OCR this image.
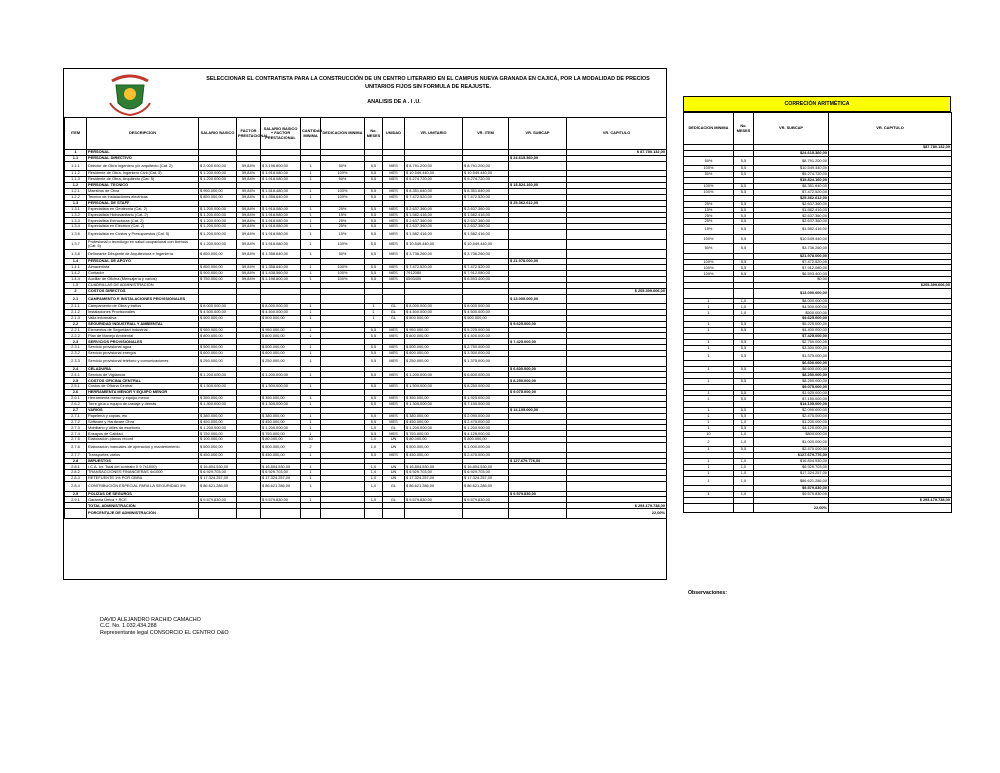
SELECCIONAR EL CONTRATISTA PARA LA CONSTRUCCIÓN DE UN CENTRO LITERARIO EN EL CAMPUS NUEVA GRANADA EN CAJICÁ, POR LA MODALIDAD DE PRECIOS UNITARIOS FIJOS SIN FORMULA DE REAJUSTE.
ANALISIS DE A . I .U.
ITEM	DESCRIPCION	SALARIO BASICO	FACTOR PRESTACIONAL	SALARIO BASICO + FACTOR PRESTACIONAL	CANTIDAD MINIMA	DEDICACION MINIMA	No. MESES	UNIDAD	VR. UNITARIO	VR. ITEM	VR. SUBCAP	VR. CAPITULO
1	PERSONAL											$ 87.780.132,00
1.1	PERSONAL DIRECTIVO										$ 24.615.360,00	
1.1.1	Director de Obra Ingeniero y/o arquitecto (Cat. 2)	$ 2.000.000,00	59,84%	$ 3.196.800,00	1	50%	5,5	MES	$ 8.791.200,00	$ 8.791.200,00		
1.1.2	Residente de Obra, Ingeniero Civil (Cat. 5)	$ 1.200.000,00	59,84%	$ 1.918.080,00	1	100%	5,5	MES	$ 10.549.440,00	$ 10.549.440,00		
1.1.3	Residente de Obra, Arquitecto (Cat. 5)	$ 1.200.000,00	59,84%	$ 1.918.080,00	1	50%	5,5	MES	$ 5.274.720,00	$ 5.274.720,00		
1.2	PERSONAL TECNICO										$ 15.824.160,00	
1.2.1	Maestros de Obra	$ 950.000,00	59,84%	$ 1.518.480,00	1	100%	5,5	MES	$ 8.351.640,00	$ 8.351.640,00		
1.2.2	Tecnico de instalaciones electricas	$ 850.000,00	59,84%	$ 1.358.640,00	1	100%	5,5	MES	$ 7.472.520,00	$ 7.472.520,00		
1.3	PERSONAL DE STAFF										$ 25.362.612,00	
1.3.1	Especialista en Geotecnia (Cat. 2)	$ 1.200.000,00	59,84%	$ 1.918.080,00	1	25%	5,5	MES	$ 2.637.360,00	$ 2.637.360,00		
1.3.2	Especialista Hidrosanitario (Cat. 2)	$ 1.200.000,00	59,84%	$ 1.918.080,00	1	15%	5,5	MES	$ 1.582.416,00	$ 1.582.416,00		
1.3.3	Especialista Estructuras (Cat. 2)	$ 1.200.000,00	59,84%	$ 1.918.080,00	1	25%	5,5	MES	$ 2.637.360,00	$ 2.637.360,00		
1.3.4	Especialista en Eléctrico (Cat. 2)	$ 1.200.000,00	59,84%	$ 1.918.080,00	1	25%	5,5	MES	$ 2.637.360,00	$ 2.637.360,00		
1.3.6	Especialista en Costos y Presupuestos (Cat. 5)	$ 1.200.000,00	59,84%	$ 1.918.080,00	1	15%	5,5	MES	$ 1.582.416,00	$ 1.582.416,00		
1.3.7	Profesional o tecnólogo en salud ocupacional con licencia (Cat. 5)	$ 1.200.000,00	59,84%	$ 1.918.080,00	1	100%	5,5	MES	$ 10.549.440,00	$ 10.549.440,00		
1.3.8	Delineante Dibujante de Arquitectura e Ingeniería	$ 850.000,00	59,84%	$ 1.358.640,00	1	50%	5,5	MES	$ 3.736.260,00	$ 3.736.260,00		
1.4	PERSONAL DE APOYO										$ 21.978.000,00	
1.4.1	Almacenista	$ 850.000,00	59,84%	$ 1.358.640,00	1	100%	5,5	MES	$ 7.472.520,00	$ 7.472.520,00		
1.4.2	Contador	$ 900.000,00	59,84%	$ 1.438.560,00	1	100%	5,5	MES	7912080	$ 7.912.080,00		
1.4.4	Auxiliar de Oficina (Mensajería y varios)	$ 750.000,00	59,84%	$ 1.198.800,00	1	100%	5,5	MES	6593400	$ 6.593.400,00		
1.5	CUADRILLAS DE ADMINISTRACIÓN											
2	COSTOS DIRECTOS											$ 205.399.606,00
2.1	CAMPAMENTO E INSTALACIONES PROVISIONALES										$ 13.000.000,00	
2.1.1	Campamento de Obra y baños	$ 8.000.000,00		$ 8.000.000,00	1		1	GL	$ 8.000.000,00	$ 8.000.000,00		
2.1.2	Instalaciones Provisionales	$ 4.500.000,00		$ 4.500.000,00	1		1	GL	$ 4.500.000,00	$ 4.500.000,00		
2.1.3	Valla informativa	$ 500.000,00		$ 500.000,00	1		1	GL	$ 500.000,00	$ 500.000,00		
2.2	SEGURIDAD INDUSTRIAL Y AMBIENTAL										$ 9.625.000,00	
2.2.1	Elementos de Seguridad Industrial	$ 950.000,00		$ 950.000,00	1		5,5	MES	$ 950.000,00	$ 5.225.000,00		
2.2.2	Plan de Manejo Ambiental	$ 800.000,00		$ 800.000,00	1		5,5	MES	$ 800.000,00	$ 4.400.000,00		
2.3	SERVICIOS PROVISIONALES										$ 7.425.000,00	
2.3.1	Servicio provisional agua	$ 500.000,00		$ 500.000,00	1		5,5	MES	$ 500.000,00	$ 2.750.000,00		
2.3.2	Servicio provisional energía	$ 600.000,00		$ 600.000,00	1		5,5	MES	$ 600.000,00	$ 3.300.000,00		
2.3.3	Servicio provisional teléfono y comunicaciones	$ 250.000,00		$ 250.000,00	1		5,5	MES	$ 250.000,00	$ 1.375.000,00		
2.4	CELADURIA										$ 6.600.000,00	
2.4.1	Servicio de Vigilancia	$ 1.200.000,00		$ 1.200.000,00	1		5,5	MES	$ 1.200.000,00	$ 6.600.000,00		
2.5	COSTOS OFICINA CENTRAL										$ 8.250.000,00	
2.5.1	Costos de Oficina Central	$ 1.500.000,00		$ 1.500.000,00	1		5,5	MES	$ 1.500.000,00	$ 8.250.000,00		
2.6	HERRAMIENTA MENOR Y EQUIPO MENOR										$ 9.075.000,00	
2.6.1	Herramienta menor y equipo menor	$ 350.000,00		$ 350.000,00	1		5,5	MES	$ 350.000,00	$ 1.925.000,00		
2.6.2	Torre grúa o equipo de izadaje y demás	$ 1.300.000,00		$ 1.300.000,00	1		5,5	MES	$ 1.300.000,00	$ 7.150.000,00		
2.7	VARIOS										$ 14.105.000,00	
2.7.1	Papelería y copias, etc	$ 380.000,00		$ 380.000,00	1		5,5	MES	$ 380.000,00	$ 2.090.000,00		
2.7.2	Software y Hardware Obra	$ 450.000,00		$ 450.000,00	1		5,5	MES	$ 450.000,00	$ 2.475.000,00		
2.7.3	Mobiliario y útiles de escritorio	$ 1.200.000,00		$ 1.200.000,00	1		1,0	GL	$ 1.200.000,00	$ 1.200.000,00		
2.7.4	Ensayos de Calidad	$ 750.000,00		$ 750.000,00	1		5,5	MES	$ 750.000,00	$ 4.125.000,00		
2.7.5	Elaboración planos récord	$ 100.000,00		$ 80.000,00	10		1,0	UN	$ 80.000,00	$ 800.000,00		
2.7.6	Elaboración manuales de operación y mantenimiento	$ 500.000,00		$ 500.000,00	2		1,0	UN	$ 500.000,00	$ 1.000.000,00		
2.7.7	Transportes varios	$ 450.000,00		$ 450.000,00	1		5,5	MES	$ 450.000,00	$ 2.475.000,00		
2.8	IMPUESTOS										$ 127.679.776,00	
2.8.1	I.C.A. Ivr. Total del contrato X 9.7x1000)	$ 16.804.530,00		$ 16.804.530,00	1		1,0	UN	$ 16.804.530,00	$ 16.804.530,00		
2.8.2	TRANSACCIONES FINANCIERAS 4x1000	$ 6.929.703,00		$ 6.929.703,00	1		1,0	UN	$ 6.929.703,00	$ 6.929.703,00		
2.8.3	RETEFUENTE 1% POR OBRA	$ 17.324.257,00		$ 17.324.257,00	1		1,0	UN	$ 17.324.257,00	$ 17.324.257,00		
2.8.4	CONTRIBUCIÓN ESPECIAL PARA LA SEGURIDAD 5%	$ 86.621.286,00		$ 86.621.286,00	1		1,0	GL	$ 86.621.286,00	$ 86.621.286,00		
2.9	POLIZAS DE SEGUROS										$ 9.579.830,00	
2.9.1	Garantía Única + RCE	$ 9.579.830,00		$ 9.579.830,00	1		1,0	GL	$ 9.579.830,00	$ 9.579.830,00		
	TOTAL ADMINISTRACIÓN											$ 293.179.738,00
	PORCENTAJE DE ADMINISTRACIÓN											22,00%
CORRECIÓN ARITMÉTICA
DEDICACION MINIMA	No. MESES	VR. SUBCAP	VR. CAPITULO
			$87.780.132,00
		$24.615.360,00	
50%	5,5	$8.791.200,00	
100%	5,5	$10.549.440,00	
50%	5,5	$5.274.720,00	
		$15.824.160,00	
100%	5,5	$8.351.640,00	
100%	5,5	$7.472.520,00	
		$25.362.612,00	
25%	5,5	$2.637.360,00	
15%	5,5	$1.582.416,00	
25%	5,5	$2.637.360,00	
25%	5,5	$2.637.360,00	
15%	5,5	$1.582.416,00	
100%	5,5	$10.549.440,00	
50%	5,5	$3.736.260,00	
		$21.978.000,00	
100%	5,5	$7.472.520,00	
100%	5,5	$7.912.080,00	
100%	5,5	$6.593.400,00	
		$0,00	
			$205.399.606,00
		$13.000.000,00	
1	1,0	$8.000.000,00	
1	1,0	$4.500.000,00	
1	1,0	$500.000,00	
		$9.625.000,00	
1	5,5	$5.225.000,00	
1	5,5	$4.400.000,00	
		$7.425.000,00	
1	5,5	$2.750.000,00	
1	5,5	$3.300.000,00	
1	5,5	$1.375.000,00	
		$6.600.000,00	
1	5,5	$6.600.000,00	
		$8.250.000,00	
1	5,5	$8.250.000,00	
		$9.075.000,00	
1	5,5	$1.925.000,00	
1	5,5	$7.150.000,00	
		$14.105.000,00	
1	5,5	$2.090.000,00	
1	5,5	$2.475.000,00	
1	1,0	$1.200.000,00	
1	5,5	$4.125.000,00	
10	1,0	$800.000,00	
2	1,0	$1.000.000,00	
1	5,5	$2.475.000,00	
		$127.679.776,00	
1	1,0	$16.804.530,00	
1	1,0	$6.929.703,00	
1	1,0	$17.324.257,00	
1	1,0	$86.621.286,00	
		$9.579.830,00	
1	1,0	$9.579.830,00	
			$ 293.179.738,00
		22,00%	
Observaciones:
DAVID ALEJANDRO RACHID CAMACHO
C.C. No. 1.032.434.288
Representante legal CONSORCIO EL CENTRO O&O
